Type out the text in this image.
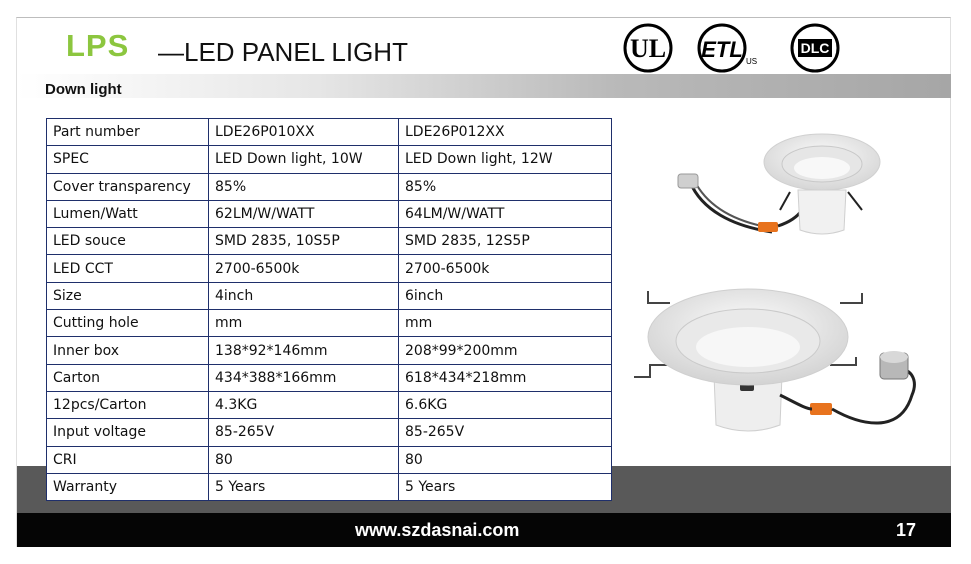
LPS —LED PANEL LIGHT	UL ETL US
DLC
Down light
Part number	LDE26P010XX	LDE26P012XX
SPEC	LED Down light, 10W	LED Down light, 12W
Cover transparency	85%	85%
Lumen/Watt	62LM/W/WATT	64LM/W/WATT
LED souce	SMD 2835, 10S5P	SMD 2835, 12S5P
LED CCT	2700-6500k	2700-6500k
Size	4inch	6inch
Cutting hole	mm	mm
Inner box	138*92*146mm	208*99*200mm
Carton	434*388*166mm	618*434*218mm
12pcs/Carton	4.3KG	6.6KG
Input voltage	85-265V	85-265V
CRI	80	80
Warranty	5 Years	5 Years
www.szdasnai.com	17
